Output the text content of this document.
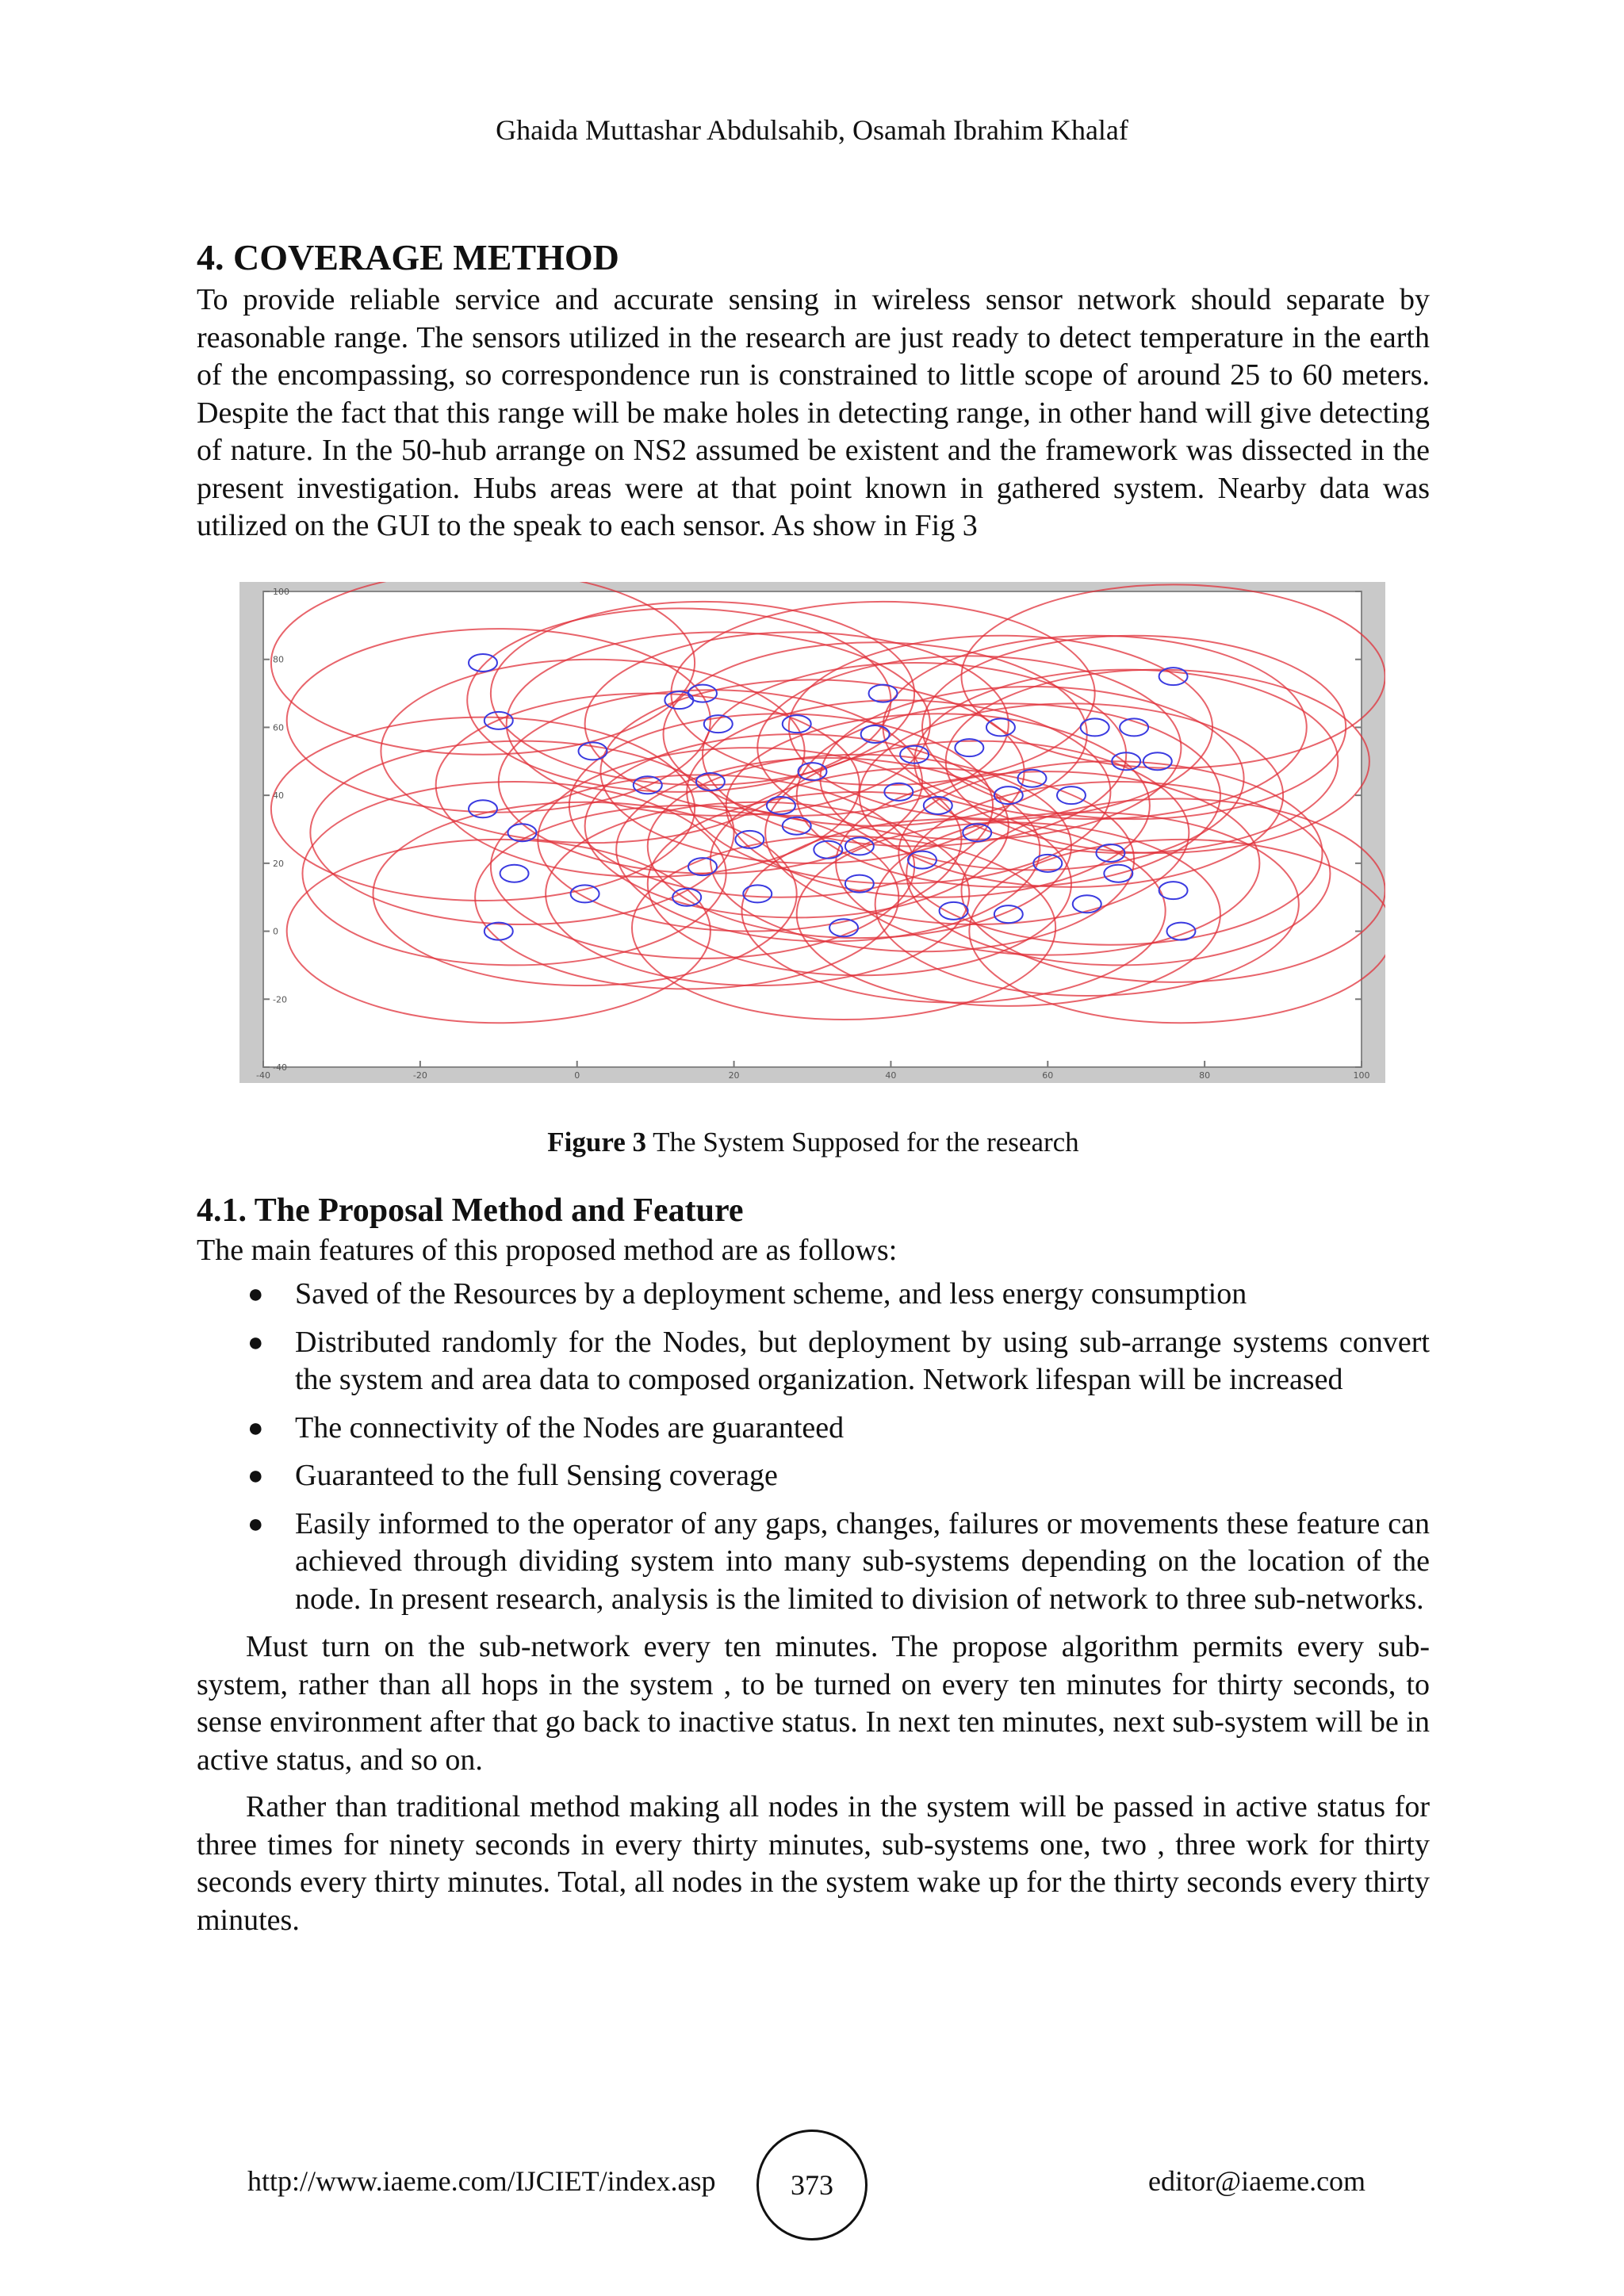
Ghaida Muttashar Abdulsahib, Osamah Ibrahim Khalaf
4. COVERAGE METHOD

To provide reliable service and accurate sensing in wireless sensor network should separate by reasonable range. The sensors utilized in the research are just ready to detect temperature in the earth of the encompassing, so correspondence run is constrained to little scope of around 25 to 60 meters. Despite the fact that this range will be make holes in detecting range, in other hand will give detecting of nature. In the 50-hub arrange on NS2 assumed be existent and the framework was dissected in the present investigation. Hubs areas were at that point known in gathered system. Nearby data was utilized on the GUI to the speak to each sensor. As show in Fig 3

-40	-20	0	20	40	60	80	100
100
80
60
40
20
0
-20
-40
Figure 3 The System Supposed for the research
4.1. The Proposal Method and Feature

The main features of this proposed method are as follows:

● Saved of the Resources by a deployment scheme, and less energy consumption
● Distributed randomly for the Nodes, but deployment by using sub-arrange systems convert the system and area data to composed organization. Network lifespan will be increased
● The connectivity of the Nodes are guaranteed
● Guaranteed to the full Sensing coverage
● Easily informed to the operator of any gaps, changes, failures or movements these feature can achieved through dividing system into many sub-systems depending on the location of the node. In present research, analysis is the limited to division of network to three sub-networks.

Must turn on the sub-network every ten minutes. The propose algorithm permits every sub-system, rather than all hops in the system , to be turned on every ten minutes for thirty seconds, to sense environment after that go back to inactive status. In next ten minutes, next sub-system will be in active status, and so on.

Rather than traditional method making all nodes in the system will be passed in active status for three times for ninety seconds in every thirty minutes, sub-systems one, two , three work for thirty seconds every thirty minutes. Total, all nodes in the system wake up for the thirty seconds every thirty minutes.

http://www.iaeme.com/IJCIET/index.asp	373	editor@iaeme.com
